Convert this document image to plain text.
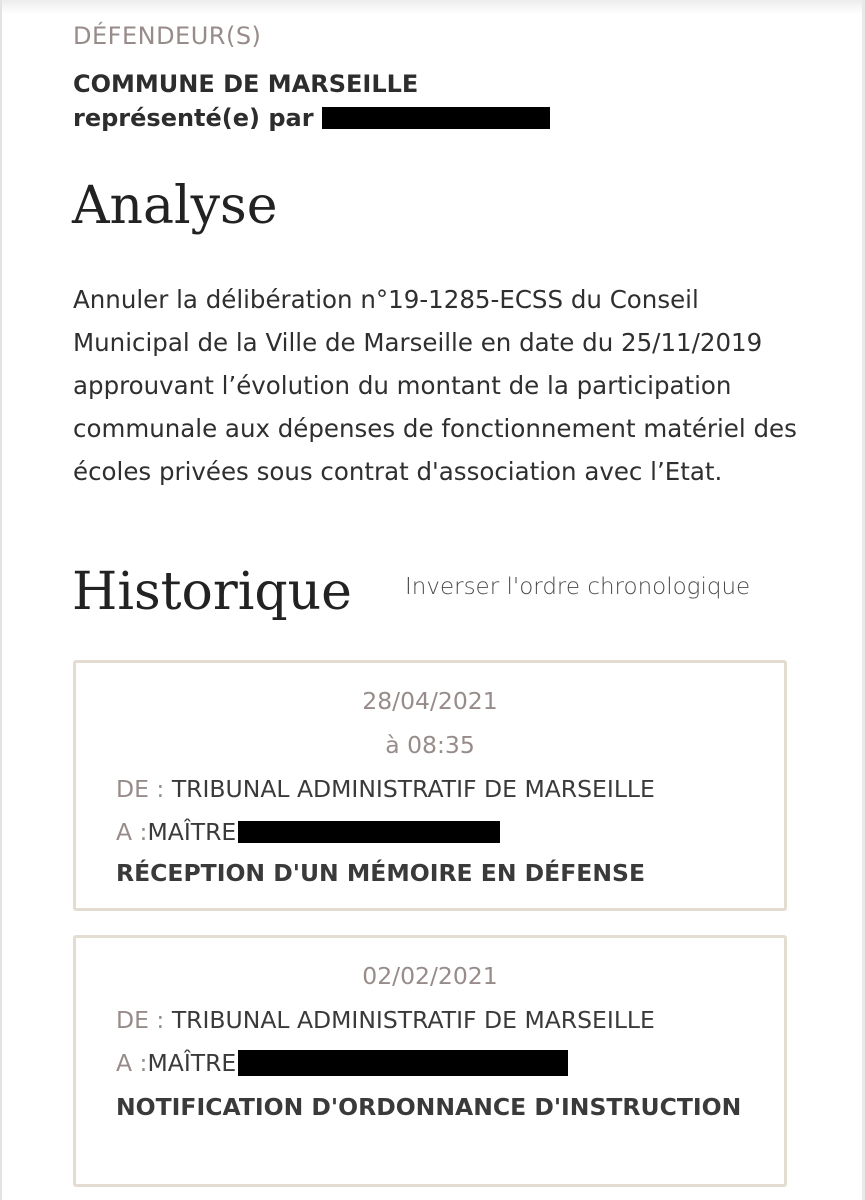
DÉFENDEUR(S)
COMMUNE DE MARSEILLE
représenté(e) par
Analyse
Annuler la délibération n°19-1285-ECSS du Conseil Municipal de la Ville de Marseille en date du 25/11/2019 approuvant l’évolution du montant de la participation communale aux dépenses de fonctionnement matériel des écoles privées sous contrat d'association avec l’Etat.
Historique Inverser l'ordre chronologique
28/04/2021
à 08:35
DE : TRIBUNAL ADMINISTRATIF DE MARSEILLE
A : MAÎTRE
RÉCEPTION D'UN MÉMOIRE EN DÉFENSE
02/02/2021
DE : TRIBUNAL ADMINISTRATIF DE MARSEILLE
A : MAÎTRE
NOTIFICATION D'ORDONNANCE D'INSTRUCTION
